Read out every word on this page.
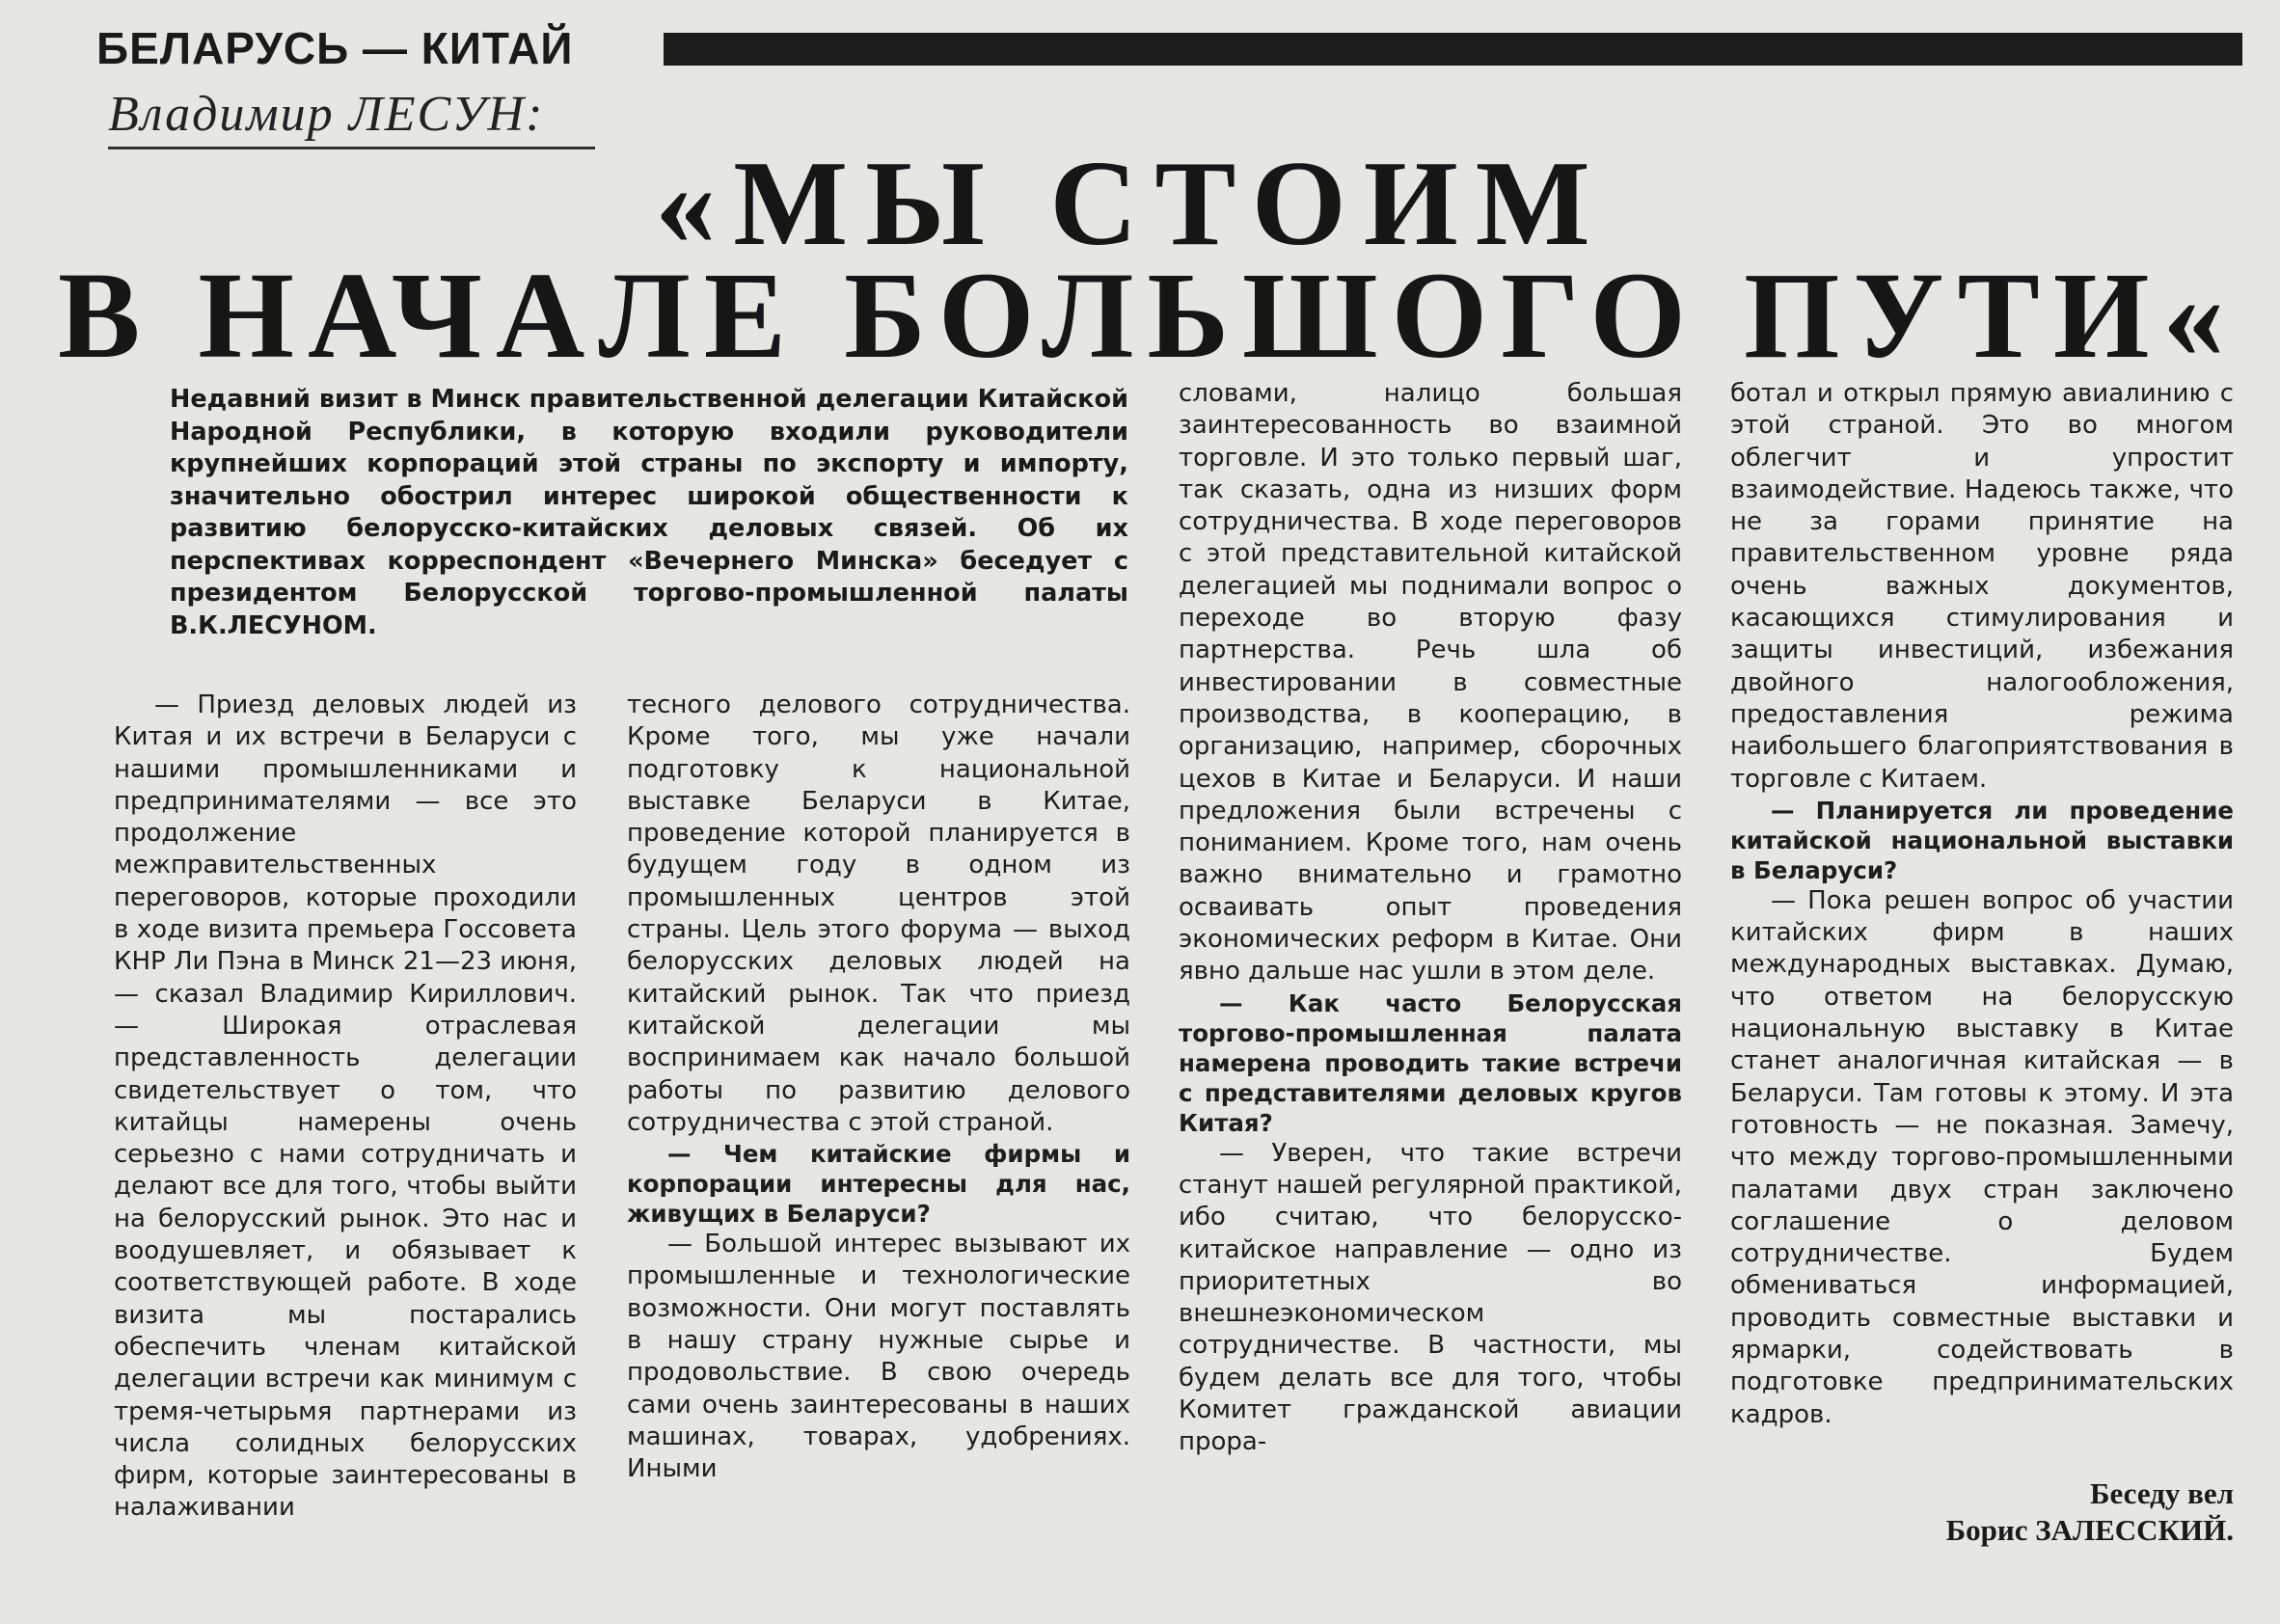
БЕЛАРУСЬ — КИТАЙ
Владимир ЛЕСУН:
«МЫ СТОИМ
В НАЧАЛЕ БОЛЬШОГО ПУТИ«
Недавний визит в Минск правительственной делегации Китайской Народной Республики, в которую входили руководители крупнейших корпораций этой страны по экспорту и импорту, значительно обострил интерес широкой общественности к развитию белорусско-китайских деловых связей. Об их перспективах корреспондент «Вечернего Минска» беседует с президентом Белорусской торгово-промышленной палаты В.К.ЛЕСУНОМ.

— Приезд деловых людей из Китая и их встречи в Беларуси с нашими промышленниками и предпринимателями — все это продолжение межправительственных переговоров, которые проходили в ходе визита премьера Госсовета КНР Ли Пэна в Минск 21—23 июня, — сказал Владимир Кириллович. — Широкая отраслевая представленность делегации свидетельствует о том, что китайцы намерены очень серьезно с нами сотрудничать и делают все для того, чтобы выйти на белорусский рынок. Это нас и воодушевляет, и обязывает к соответствующей работе. В ходе визита мы постарались обеспечить членам китайской делегации встречи как минимум с тремя-четырьмя партнерами из числа солидных белорусских фирм, которые заинтересованы в налаживании

тесного делового сотрудничества. Кроме того, мы уже начали подготовку к национальной выставке Беларуси в Китае, проведение которой планируется в будущем году в одном из промышленных центров этой страны. Цель этого форума — выход белорусских деловых людей на китайский рынок. Так что приезд китайской делегации мы воспринимаем как начало большой работы по развитию делового сотрудничества с этой страной.

— Чем китайские фирмы и корпорации интересны для нас, живущих в Беларуси?

— Большой интерес вызывают их промышленные и технологические возможности. Они могут поставлять в нашу страну нужные сырье и продовольствие. В свою очередь сами очень заинтересованы в наших машинах, товарах, удобрениях. Иными

словами, налицо большая заинтересованность во взаимной торговле. И это только первый шаг, так сказать, одна из низших форм сотрудничества. В ходе переговоров с этой представительной китайской делегацией мы поднимали вопрос о переходе во вторую фазу партнерства. Речь шла об инвестировании в совместные производства, в кооперацию, в организацию, например, сборочных цехов в Китае и Беларуси. И наши предложения были встречены с пониманием. Кроме того, нам очень важно внимательно и грамотно осваивать опыт проведения экономических реформ в Китае. Они явно дальше нас ушли в этом деле.

— Как часто Белорусская торгово-промышленная палата намерена проводить такие встречи с представителями деловых кругов Китая?

— Уверен, что такие встречи станут нашей регулярной практикой, ибо считаю, что белорусско-китайское направление — одно из приоритетных во внешнеэкономическом сотрудничестве. В частности, мы будем делать все для того, чтобы Комитет гражданской авиации прора-

ботал и открыл прямую авиалинию с этой страной. Это во многом облегчит и упростит взаимодействие. Надеюсь также, что не за горами принятие на правительственном уровне ряда очень важных документов, касающихся стимулирования и защиты инвестиций, избежания двойного налогообложения, предоставления режима наибольшего благоприятствования в торговле с Китаем.

— Планируется ли проведение китайской национальной выставки в Беларуси?

— Пока решен вопрос об участии китайских фирм в наших международных выставках. Думаю, что ответом на белорусскую национальную выставку в Китае станет аналогичная китайская — в Беларуси. Там готовы к этому. И эта готовность — не показная. Замечу, что между торгово-промышленными палатами двух стран заключено соглашение о деловом сотрудничестве. Будем обмениваться информацией, проводить совместные выставки и ярмарки, содействовать в подготовке предпринимательских кадров.

Беседу вел
Борис ЗАЛЕССКИЙ.
